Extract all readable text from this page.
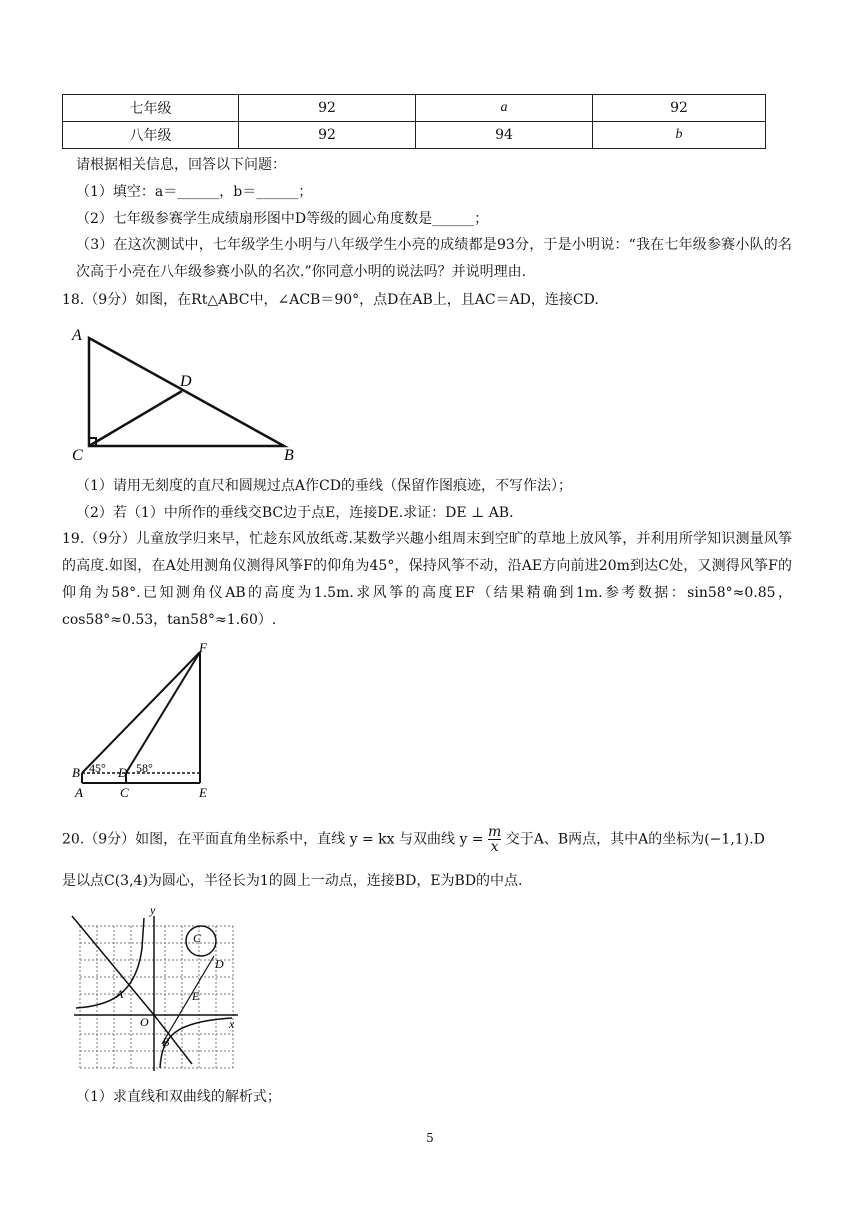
七年级	92	a	92
八年级	92	94	b
请根据相关信息，回答以下问题：
（1）填空：a＝______，b＝______；
（2）七年级参赛学生成绩扇形图中D等级的圆心角度数是______；
（3）在这次测试中，七年级学生小明与八年级学生小亮的成绩都是93分，于是小明说：“我在七年级参赛小队的名次高于小亮在八年级参赛小队的名次.”你同意小明的说法吗？并说明理由.
18.（9分）如图，在Rt△ABC中，∠ACB＝90°，点D在AB上，且AC＝AD，连接CD.
A
D
C	B
（1）请用无刻度的直尺和圆规过点A作CD的垂线（保留作图痕迹，不写作法）；
（2）若（1）中所作的垂线交BC边于点E，连接DE.求证：DE ⊥ AB.
19.（9分）儿童放学归来早，忙趁东风放纸鸢.某数学兴趣小组周末到空旷的草地上放风筝，并利用所学知识测量风筝的高度.如图，在A处用测角仪测得风筝F的仰角为45°，保持风筝不动，沿AE方向前进20m到达C处，又测得风筝F的仰角为58°.已知测角仪AB的高度为1.5m.求风筝的高度EF（结果精确到1m.参考数据：sin58°≈0.85，cos58°≈0.53，tan58°≈1.60）.
F
B 45° D 58°
A	C	E
20.（9分）如图，在平面直角坐标系中，直线 y = kx 与双曲线 $y = \frac{m}{x}$ 交于A、B两点，其中A的坐标为(−1,1).D
是以点C(3,4)为圆心，半径长为1的圆上一动点，连接BD，E为BD的中点.
y
x
C
D
A	E
O
B
（1）求直线和双曲线的解析式；
5
